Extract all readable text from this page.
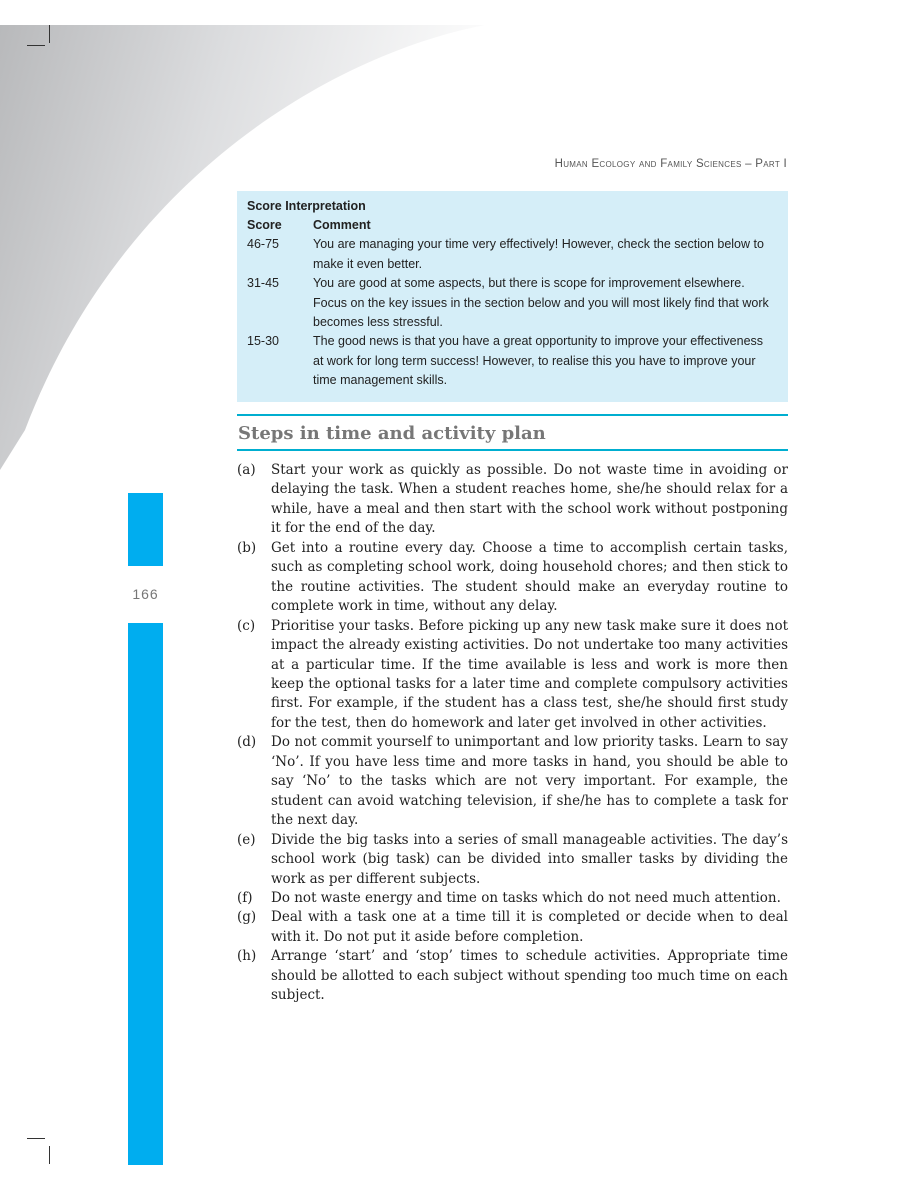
166
Human Ecology and Family Sciences – Part I
Score Interpretation
Score	Comment
46-75	You are managing your time very effectively! However, check the section below to make it even better.
31-45	You are good at some aspects, but there is scope for improvement elsewhere. Focus on the key issues in the section below and you will most likely find that work becomes less stressful.
15-30	The good news is that you have a great opportunity to improve your effectiveness at work for long term success! However, to realise this you have to improve your time management skills.
Steps in time and activity plan
(a)	Start your work as quickly as possible. Do not waste time in avoiding or delaying the task. When a student reaches home, she/he should relax for a while, have a meal and then start with the school work without postponing it for the end of the day.
(b)	Get into a routine every day. Choose a time to accomplish certain tasks, such as completing school work, doing household chores; and then stick to the routine activities. The student should make an everyday routine to complete work in time, without any delay.
(c)	Prioritise your tasks. Before picking up any new task make sure it does not impact the already existing activities. Do not undertake too many activities at a particular time. If the time available is less and work is more then keep the optional tasks for a later time and complete compulsory activities first. For example, if the student has a class test, she/he should first study for the test, then do homework and later get involved in other activities.
(d)	Do not commit yourself to unimportant and low priority tasks. Learn to say ‘No’. If you have less time and more tasks in hand, you should be able to say ‘No’ to the tasks which are not very important. For example, the student can avoid watching television, if she/he has to complete a task for the next day.
(e)	Divide the big tasks into a series of small manageable activities. The day’s school work (big task) can be divided into smaller tasks by dividing the work as per different subjects.
(f)	Do not waste energy and time on tasks which do not need much attention.
(g)	Deal with a task one at a time till it is completed or decide when to deal with it. Do not put it aside before completion.
(h)	Arrange ‘start’ and ‘stop’ times to schedule activities. Appropriate time should be allotted to each subject without spending too much time on each subject.
